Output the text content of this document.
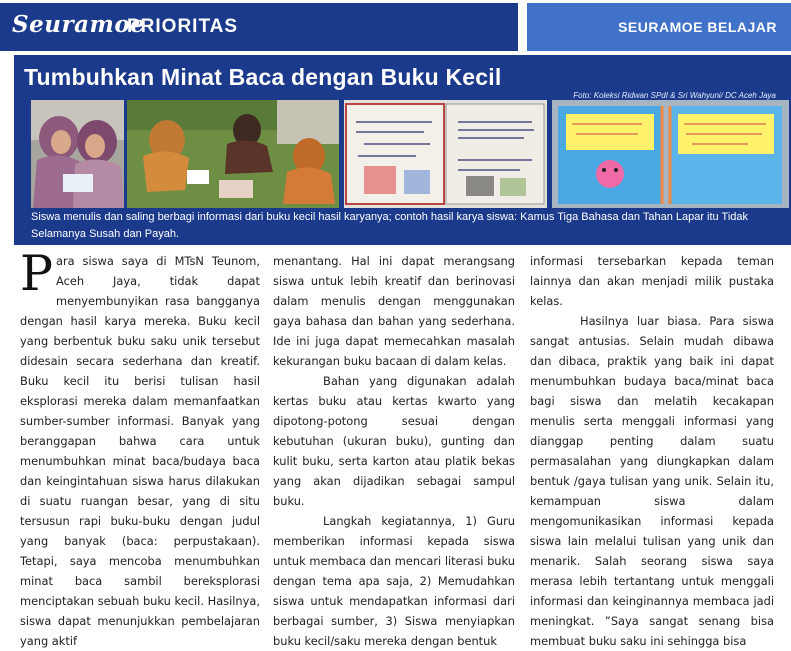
Seuramoe
PRIORITAS	SEURAMOE BELAJAR
Tumbuhkan Minat Baca dengan Buku Kecil
Foto: Koleksi Ridwan SPdI & Sri Wahyuni/ DC Aceh Jaya
Siswa menulis dan saling berbagi informasi dari buku kecil hasil karyanya; contoh hasil karya siswa: Kamus Tiga Bahasa dan Tahan Lapar itu Tidak Selamanya Susah dan Payah.

Para siswa saya di MTsN Teunom, Aceh Jaya, tidak dapat menyembunyikan rasa bangganya dengan hasil karya mereka. Buku kecil yang berbentuk buku saku unik tersebut didesain secara sederhana dan kreatif. Buku kecil itu berisi tulisan hasil eksplorasi mereka dalam memanfaatkan sumber-sumber informasi. Banyak yang beranggapan bahwa cara untuk menumbuhkan minat baca/budaya baca dan keingintahuan siswa harus dilakukan di suatu ruangan besar, yang di situ tersusun rapi buku-buku dengan judul yang banyak (baca: perpustakaan). Tetapi, saya mencoba menumbuhkan minat baca sambil bereksplorasi menciptakan sebuah buku kecil. Hasilnya, siswa dapat menunjukkan pembelajaran yang aktif

menantang. Hal ini dapat merangsang siswa untuk lebih kreatif dan berinovasi dalam menulis dengan menggunakan gaya bahasa dan bahan yang sederhana. Ide ini juga dapat memecahkan masalah kekurangan buku bacaan di dalam kelas.

Bahan yang digunakan adalah kertas buku atau kertas kwarto yang dipotong-potong sesuai dengan kebutuhan (ukuran buku), gunting dan kulit buku, serta karton atau platik bekas yang akan dijadikan sebagai sampul buku.

Langkah kegiatannya, 1) Guru memberikan informasi kepada siswa untuk membaca dan mencari literasi buku dengan tema apa saja, 2) Memudahkan siswa untuk mendapatkan informasi dari berbagai sumber, 3) Siswa menyiapkan buku kecil/saku mereka dengan bentuk

informasi tersebarkan kepada teman lainnya dan akan menjadi milik pustaka kelas.

Hasilnya luar biasa. Para siswa sangat antusias. Selain mudah dibawa dan dibaca, praktik yang baik ini dapat menumbuhkan budaya baca/minat baca bagi siswa dan melatih kecakapan menulis serta menggali informasi yang dianggap penting dalam suatu permasalahan yang diungkapkan dalam bentuk /gaya tulisan yang unik. Selain itu, kemampuan siswa dalam mengomunikasikan informasi kepada siswa lain melalui tulisan yang unik dan menarik. Salah seorang siswa saya merasa lebih tertantang untuk menggali informasi dan keinginannya membaca jadi meningkat. ”Saya sangat senang bisa membuat buku saku ini sehingga bisa
